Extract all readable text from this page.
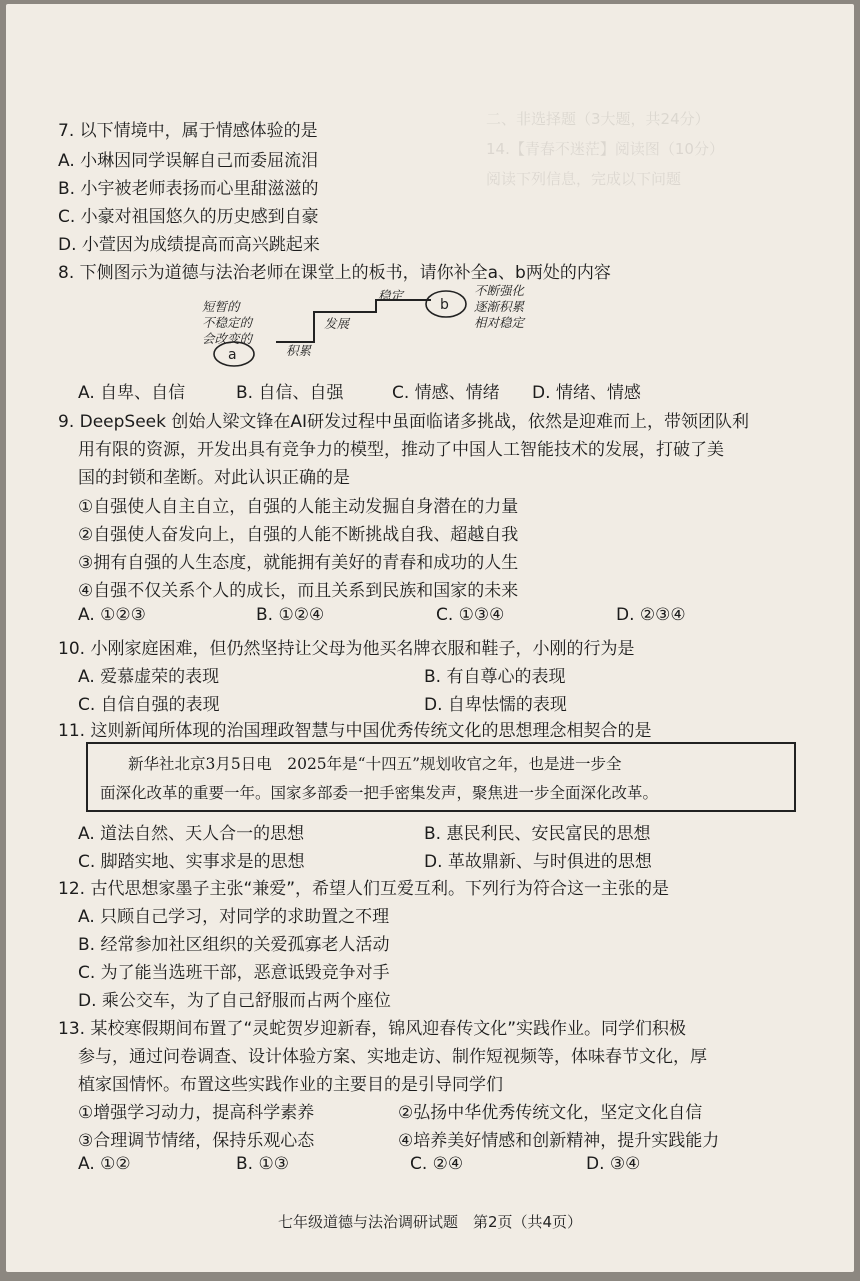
二、非选择题（3大题，共24分）
14.【青春不迷茫】阅读图（10分）
阅读下列信息，完成以下问题
7. 以下情境中，属于情感体验的是
A. 小琳因同学误解自己而委屈流泪
B. 小宇被老师表扬而心里甜滋滋的
C. 小豪对祖国悠久的历史感到自豪
D. 小萱因为成绩提高而高兴跳起来
8. 下侧图示为道德与法治老师在课堂上的板书，请你补全a、b两处的内容
a
b
短暂的
不稳定的
会改变的
积累
发展
稳定	不断强化
逐渐积累
相对稳定
A. 自卑、自信	B. 自信、自强	C. 情感、情绪 D. 情绪、情感
9. DeepSeek 创始人梁文锋在AI研发过程中虽面临诸多挑战，依然是迎难而上，带领团队利
用有限的资源，开发出具有竞争力的模型，推动了中国人工智能技术的发展，打破了美
国的封锁和垄断。对此认识正确的是
①自强使人自主自立，自强的人能主动发掘自身潜在的力量
②自强使人奋发向上，自强的人能不断挑战自我、超越自我
③拥有自强的人生态度，就能拥有美好的青春和成功的人生
④自强不仅关系个人的成长，而且关系到民族和国家的未来
A. ①②③	B. ①②④	C. ①③④	D. ②③④
10. 小刚家庭困难，但仍然坚持让父母为他买名牌衣服和鞋子，小刚的行为是
A. 爱慕虚荣的表现	B. 有自尊心的表现
C. 自信自强的表现	D. 自卑怯懦的表现
11. 这则新闻所体现的治国理政智慧与中国优秀传统文化的思想理念相契合的是
新华社北京3月5日电　2025年是“十四五”规划收官之年，也是进一步全
面深化改革的重要一年。国家多部委一把手密集发声，聚焦进一步全面深化改革。
A. 道法自然、天人合一的思想	B. 惠民利民、安民富民的思想
C. 脚踏实地、实事求是的思想	D. 革故鼎新、与时俱进的思想
12. 古代思想家墨子主张“兼爱”，希望人们互爱互利。下列行为符合这一主张的是
A. 只顾自己学习，对同学的求助置之不理
B. 经常参加社区组织的关爱孤寡老人活动
C. 为了能当选班干部，恶意诋毁竞争对手
D. 乘公交车，为了自己舒服而占两个座位
13. 某校寒假期间布置了“灵蛇贺岁迎新春，锦风迎春传文化”实践作业。同学们积极
参与，通过问卷调查、设计体验方案、实地走访、制作短视频等，体味春节文化，厚
植家国情怀。布置这些实践作业的主要目的是引导同学们
①增强学习动力，提高科学素养	②弘扬中华优秀传统文化，坚定文化自信
③合理调节情绪，保持乐观心态	④培养美好情感和创新精神，提升实践能力
A. ①②	B. ①③	C. ②④	D. ③④
七年级道德与法治调研试题　第2页（共4页）
